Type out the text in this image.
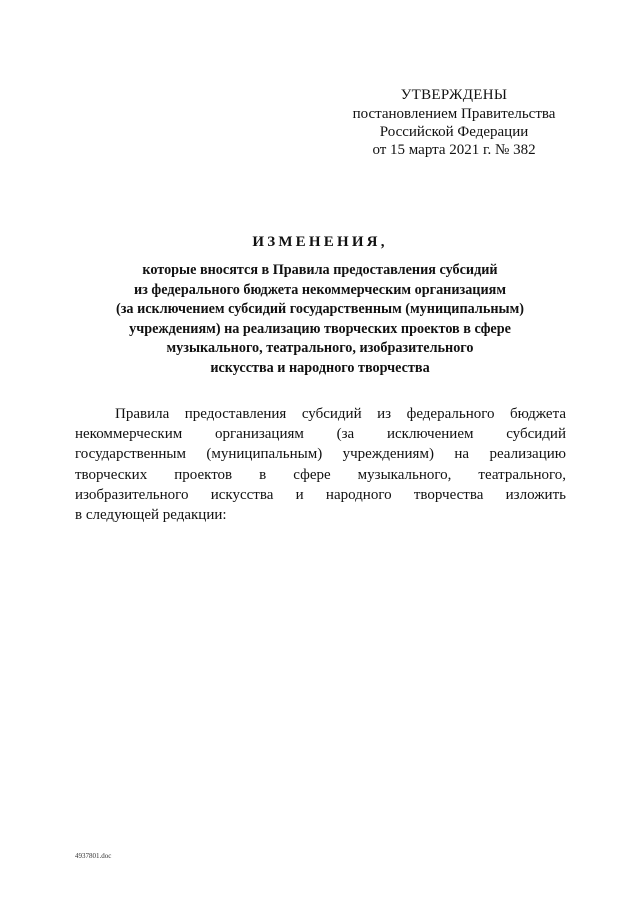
УТВЕРЖДЕНЫ
постановлением Правительства
Российской Федерации
от 15 марта 2021 г. № 382
ИЗМЕНЕНИЯ,
которые вносятся в Правила предоставления субсидий
из федерального бюджета некоммерческим организациям
(за исключением субсидий государственным (муниципальным)
учреждениям) на реализацию творческих проектов в сфере
музыкального, театрального, изобразительного
искусства и народного творчества
Правила предоставления субсидий из федерального бюджета
некоммерческим организациям (за исключением субсидий
государственным (муниципальным) учреждениям) на реализацию
творческих проектов в сфере музыкального, театрального,
изобразительного искусства и народного творчества изложить
в следующей редакции:
4937801.doc
